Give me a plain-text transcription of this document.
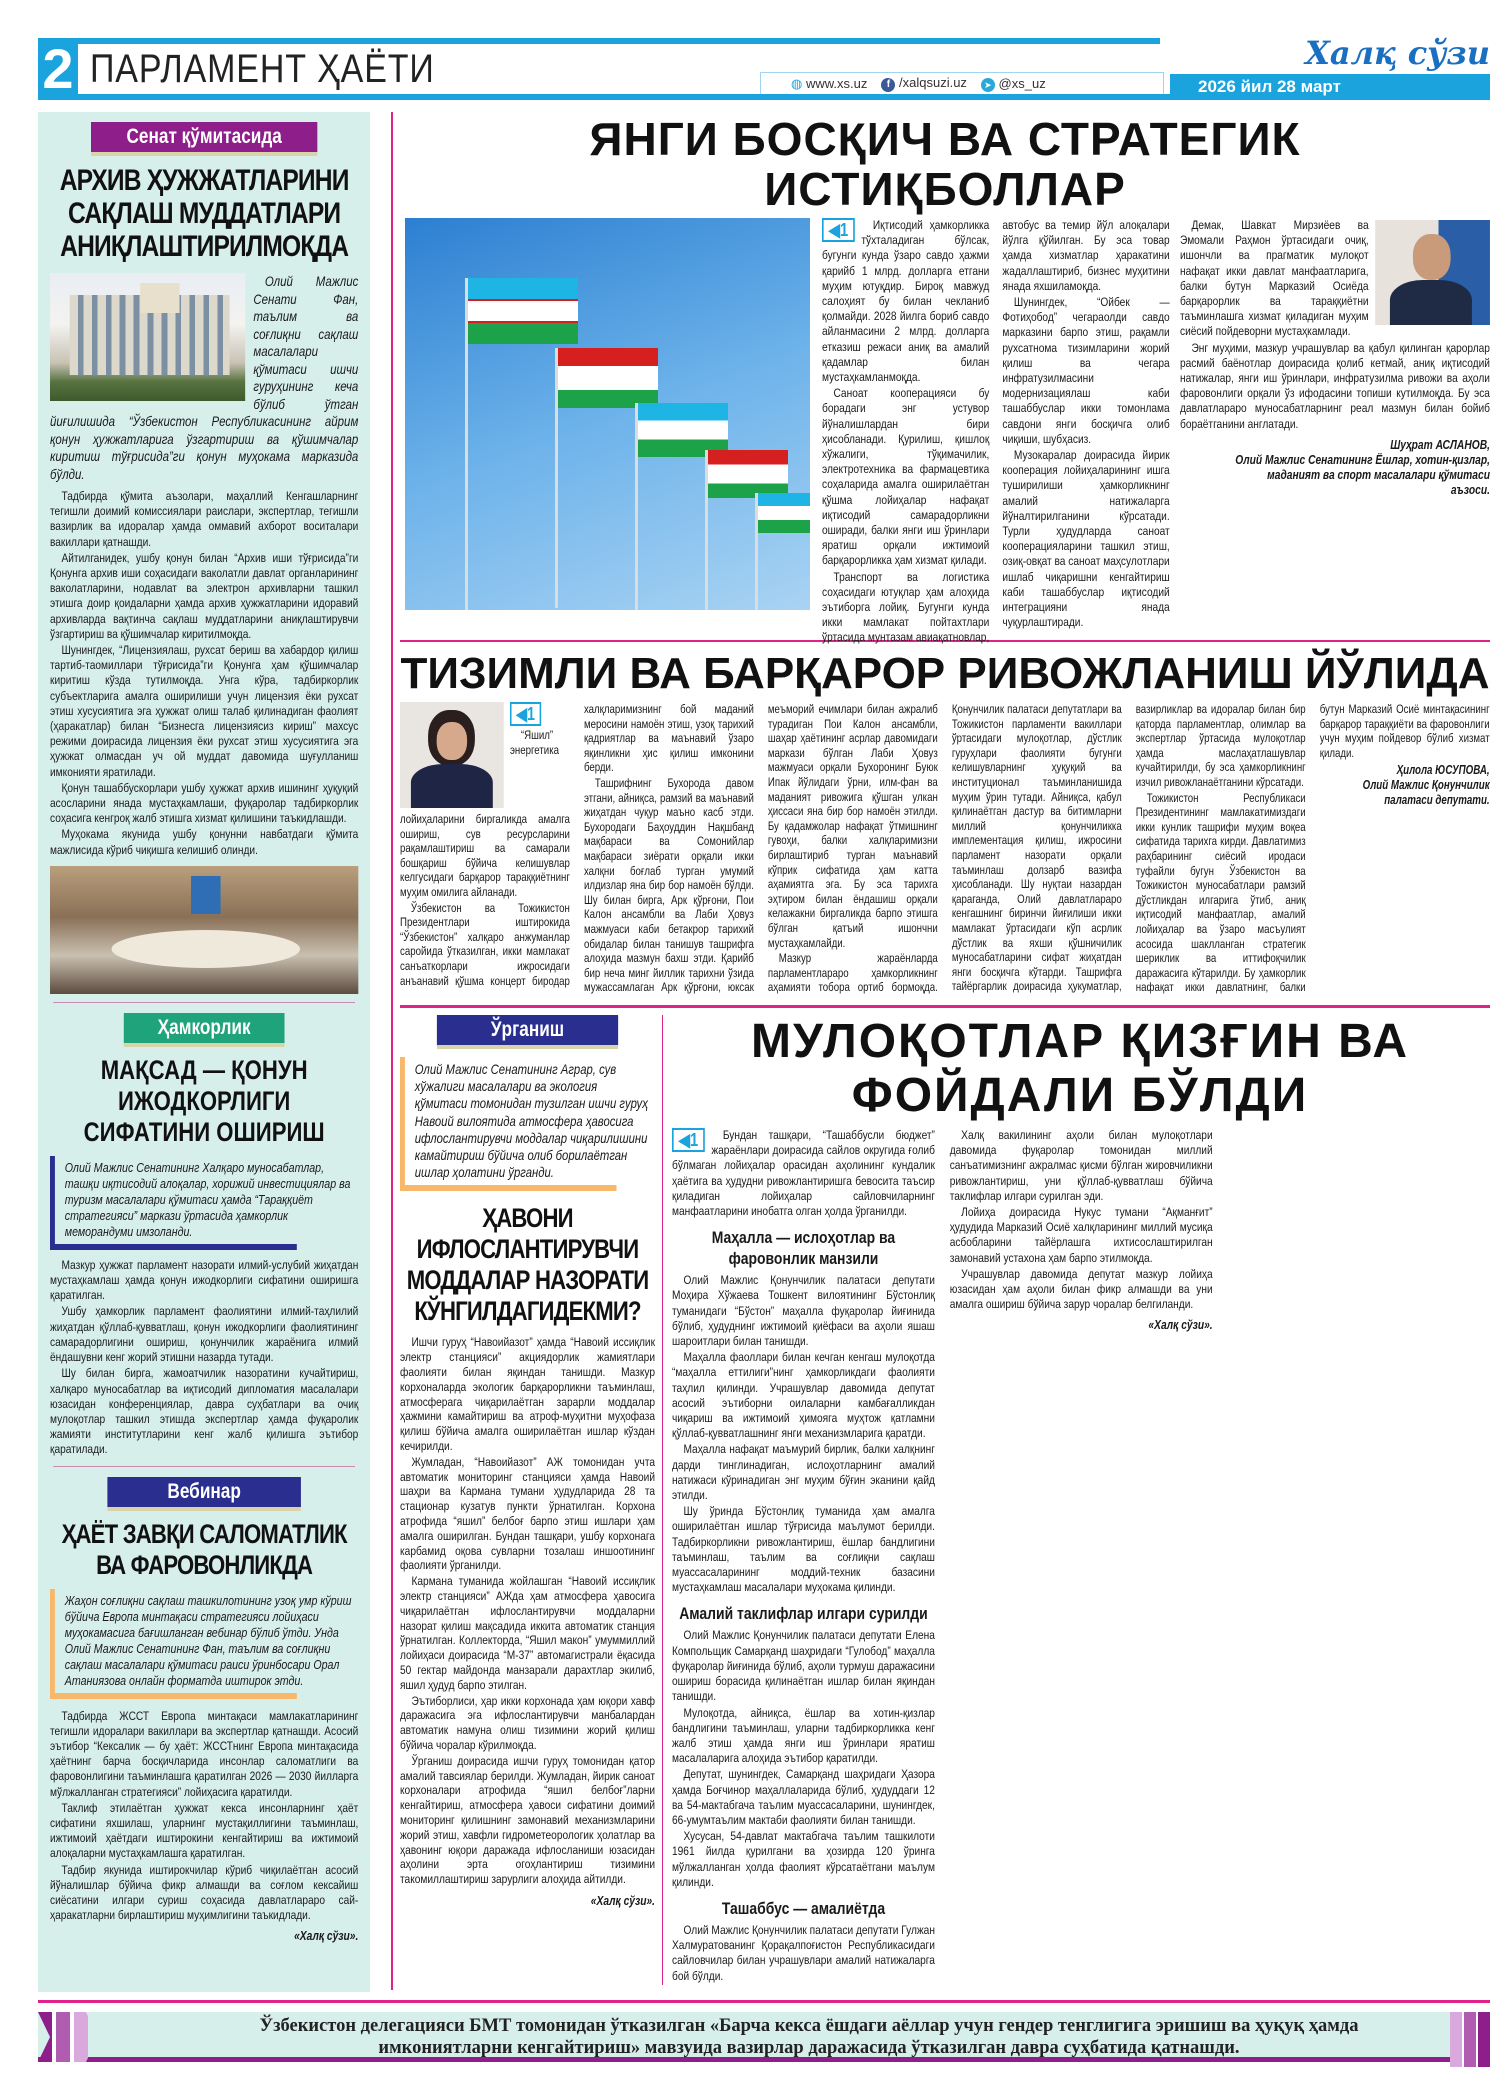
2 ПАРЛАМЕНТ ҲАЁТИ	◍ www.xs.uz	f /xalqsuzi.uz	➤ @xs_uz
Халқ сўзи
2026 йил 28 март
Сенат қўмитасида
АРХИВ ҲУЖЖАТЛАРИНИ САҚЛАШ МУДДАТЛАРИ АНИҚЛАШТИРИЛМОҚДА

Олий Мажлис Сенати Фан, таълим ва соғлиқни сақлаш масалалари қўмитаси ишчи гуруҳининг кеча бўлиб ўтган йиғилишида “Ўзбекистон Республикасининг айрим қонун ҳужжатларига ўзгартириш ва қўшимчалар киритиш тўғрисида”ги қонун муҳокама марказида бўлди.

Тадбирда қўмита аъзолари, маҳаллий Кенгашларнинг тегишли доимий комиссиялари раислари, экспертлар, тегишли вазирлик ва идоралар ҳамда оммавий ахборот воситалари вакиллари қатнашди.

Айтилганидек, ушбу қонун билан “Архив иши тўғрисида”ги Қонунга архив иши соҳасидаги ваколатли давлат органларининг ваколатларини, нодавлат ва электрон архивларни ташкил этишга доир қоидаларни ҳамда архив ҳужжатларини идоравий архивларда вақтинча сақлаш муддатларини аниқлаштирувчи ўзгартириш ва қўшимчалар киритилмоқда.

Шунингдек, “Лицензиялаш, рухсат бериш ва хабардор қилиш тартиб-таомиллари тўғрисида”ги Қонунга ҳам қўшимчалар киритиш кўзда тутилмоқда. Унга кўра, тадбиркорлик субъектларига амалга оширилиши учун лицензия ёки рухсат этиш хусусиятига эга ҳужжат олиш талаб қилинадиган фаолият (ҳаракатлар) билан “Бизнесга лицензиясиз кириш” махсус режими доирасида лицензия ёки рухсат этиш хусусиятига эга ҳужжат олмасдан уч ой муддат давомида шуғулланиш имконияти яратилади.

Қонун ташаббускорлари ушбу ҳужжат архив ишининг ҳуқуқий асосларини янада мустаҳкамлаши, фуқаролар тадбиркорлик соҳасига кенгроқ жалб этишга хизмат қилишини таъкидлашди.

Муҳокама якунида ушбу қонунни навбатдаги қўмита мажлисида кўриб чиқишга келишиб олинди.

Ҳамкорлик
МАҚСАД — ҚОНУН ИЖОДКОРЛИГИ СИФАТИНИ ОШИРИШ
Олий Мажлис Сенатининг Халқаро муносабатлар, ташқи иқтисодий алоқалар, хорижий инвестициялар ва туризм масалалари қўмитаси ҳамда “Тараққиёт стратегияси” маркази ўртасида ҳамкорлик меморандуми имзоланди.

Мазкур ҳужжат парламент назорати илмий-услубий жиҳатдан мустаҳкамлаш ҳамда қонун ижодкорлиги сифатини оширишга қаратилган.

Ушбу ҳамкорлик парламент фаолиятини илмий-таҳлилий жиҳатдан қўллаб-қувватлаш, қонун ижодкорлиги фаолиятининг самарадорлигини ошириш, қонунчилик жараёнига илмий ёндашувни кенг жорий этишни назарда тутади.

Шу билан бирга, жамоатчилик назоратини кучайтириш, халқаро муносабатлар ва иқтисодий дипломатия масалалари юзасидан конференциялар, давра суҳбатлари ва очиқ мулоқотлар ташкил этишда экспертлар ҳамда фуқаролик жамияти институтларини кенг жалб қилишга эътибор қаратилади.

Вебинар
ҲАЁТ ЗАВҚИ САЛОМАТЛИК ВА ФАРОВОНЛИКДА
Жаҳон соғлиқни сақлаш ташкилотининг узоқ умр кўриш бўйича Европа минтақаси стратегияси лойиҳаси муҳокамасига бағишланган вебинар бўлиб ўтди. Унда Олий Мажлис Сенатининг Фан, таълим ва соғлиқни сақлаш масалалари қўмитаси раиси ўринбосари Орал Атаниязова онлайн форматда иштирок этди.

Тадбирда ЖССТ Европа минтақаси мамлакатларининг тегишли идоралари вакиллари ва экспертлар қатнашди. Асосий эътибор “Кексалик — бу ҳаёт: ЖССТнинг Европа минтақасида ҳаётнинг барча босқичларида инсонлар саломатлиги ва фаровонлигини таъминлашга қаратилган 2026 — 2030 йилларга мўлжалланган стратегияси” лойиҳасига қаратилди.

Таклиф этилаётган ҳужжат кекса инсонларнинг ҳаёт сифатини яхшилаш, уларнинг мустақиллигини таъминлаш, ижтимоий ҳаётдаги иштирокини кенгайтириш ва ижтимоий алоқаларни мустаҳкамлашга қаратилган.

Тадбир якунида иштирокчилар кўриб чиқилаётган асосий йўналишлар бўйича фикр алмашди ва соғлом кексайиш сиёсатини илгари суриш соҳасида давлатлараро сай-ҳаракатларни бирлаштириш муҳимлигини таъкидлади.

«Халқ сўзи».
ЯНГИ БОСҚИЧ ВА СТРАТЕГИК ИСТИҚБОЛЛАР
◀1	Иқтисодий ҳамкорликка тўхталадиган бўлсак, бугунги кунда ўзаро савдо ҳажми қарийб 1 млрд. долларга етгани муҳим ютуқдир. Бироқ мавжуд салоҳият бу билан чекланиб қолмайди. 2028 йилга бориб савдо айланмасини 2 млрд. долларга етказиш режаси аниқ ва амалий қадамлар билан мустаҳкамланмоқда.

Саноат кооперацияси бу борадаги энг устувор йўналишлардан бири ҳисобланади. Қурилиш, қишлоқ хўжалиги, тўқимачилик, электротехника ва фармацевтика соҳаларида амалга оширилаётган қўшма лойиҳалар нафақат иқтисодий самарадорликни оширади, балки янги иш ўринлари яратиш орқали ижтимоий барқарорликка ҳам хизмат қилади.

Транспорт ва логистика соҳасидаги ютуқлар ҳам алоҳида эътиборга лойиқ. Бугунги кунда икки мамлакат пойтахтлари ўртасида мунтазам авиақатновлар, автобус ва темир йўл алоқалари йўлга қўйилган. Бу эса товар ҳамда хизматлар ҳаракатини жадаллаштириб, бизнес муҳитини янада яхшиламоқда.

Шунингдек, “Ойбек — Фотиҳобод” чегараолди савдо марказини барпо этиш, рақамли рухсатнома тизимларини жорий қилиш ва чегара инфратузилмасини модернизациялаш каби ташаббуслар икки томонлама савдони янги босқичга олиб чиқиши, шубҳасиз.

Музокаралар доирасида йирик кооперация лойиҳаларининг ишга туширилиши ҳамкорликнинг амалий натижаларга йўналтирилганини кўрсатади. Турли ҳудудларда саноат кооперацияларини ташкил этиш, озиқ-овқат ва саноат маҳсулотлари ишлаб чиқаришни кенгайтириш каби ташаббуслар иқтисодий интеграцияни янада чуқурлаштиради.

Демак, Шавкат Мирзиёев ва Эмомали Раҳмон ўртасидаги очиқ, ишончли ва прагматик мулоқот нафақат икки давлат манфаатларига, балки бутун Марказий Осиёда барқарорлик ва тараққиётни таъминлашга хизмат қиладиган муҳим сиёсий пойдеворни мустаҳкамлади.

Энг муҳими, мазкур учрашувлар ва қабул қилинган қарорлар расмий баёнотлар доирасида қолиб кетмай, аниқ иқтисодий натижалар, янги иш ўринлари, инфратузилма ривожи ва аҳоли фаровонлиги орқали ўз ифодасини топиши кутилмоқда. Бу эса давлатлараро муносабатларнинг реал мазмун билан бойиб бораётганини англатади.

Шуҳрат АСЛАНОВ,
Олий Мажлис Сенатининг Ёшлар, хотин-қизлар, маданият ва спорт масалалари қўмитаси аъзоси.
ТИЗИМЛИ ВА БАРҚАРОР РИВОЖЛАНИШ ЙЎЛИДА
◀1

“Яшил” энергетика лойиҳаларини биргаликда амалга ошириш, сув ресурсларини рақамлаштириш ва самарали бошқариш бўйича келишувлар келгусидаги барқарор тараққиётнинг муҳим омилига айланади.

Ўзбекистон ва Тожикистон Президентлари иштирокида “Ўзбекистон” халқаро анжуманлар саройида ўтказилган, икки мамлакат санъаткорлари ижросидаги анъанавий қўшма концерт биродар халқларимизнинг бой маданий меросини намоён этиш, узоқ тарихий қадриятлар ва маънавий ўзаро яқинликни ҳис қилиш имконини берди.

Ташрифнинг Бухорода давом этгани, айниқса, рамзий ва маънавий жиҳатдан чуқур маъно касб этди. Бухородаги Баҳоуддин Нақшбанд мақбараси ва Сомонийлар мақбараси зиёрати орқали икки халқни боғлаб турган умумий илдизлар яна бир бор намоён бўлди. Шу билан бирга, Арк қўрғони, Пои Калон ансамбли ва Лаби Ҳовуз мажмуаси каби бетакрор тарихий обидалар билан танишув ташрифга алоҳида мазмун бахш этди. Қарийб бир неча минг йиллик тарихни ўзида мужассамлаган Арк қўрғони, юксак меъморий ечимлари билан ажралиб турадиган Пои Калон ансамбли, шаҳар ҳаётининг асрлар давомидаги маркази бўлган Лаби Ҳовуз мажмуаси орқали Бухоронинг Буюк Ипак йўлидаги ўрни, илм-фан ва маданият ривожига қўшган улкан ҳиссаси яна бир бор намоён этилди. Бу қадамжолар нафақат ўтмишнинг гувоҳи, балки халқларимизни бирлаштириб турган маънавий кўприк сифатида ҳам катта аҳамиятга эга. Бу эса тарихга эҳтиром билан ёндашиш орқали келажакни биргаликда барпо этишга бўлган қатъий ишончни мустаҳкамлайди.

Мазкур жараёнларда парламентлараро ҳамкорликнинг аҳамияти тобора ортиб бормоқда. Қонунчилик палатаси депутатлари ва Тожикистон парламенти вакиллари ўртасидаги мулоқотлар, дўстлик гуруҳлари фаолияти бугунги келишувларнинг ҳуқуқий ва институционал таъминланишида муҳим ўрин тутади. Айниқса, қабул қилинаётган дастур ва битимларни миллий қонунчиликка имплементация қилиш, ижросини парламент назорати орқали таъминлаш долзарб вазифа ҳисобланади. Шу нуқтаи назардан қараганда, Олий давлатлараро кенгашнинг биринчи йиғилиши икки мамлакат ўртасидаги кўп асрлик дўстлик ва яхши қўшничилик муносабатларини сифат жиҳатдан янги босқичга кўтарди. Ташрифга тайёргарлик доирасида ҳукуматлар, вазирликлар ва идоралар билан бир қаторда парламентлар, олимлар ва экспертлар ўртасида мулоқотлар ҳамда маслаҳатлашувлар кучайтирилди, бу эса ҳамкорликнинг изчил ривожланаётганини кўрсатади.

Тожикистон Республикаси Президентининг мамлакатимиздаги икки кунлик ташрифи муҳим воқеа сифатида тарихга кирди. Давлатимиз раҳбарининг сиёсий иродаси туфайли бугун Ўзбекистон ва Тожикистон муносабатлари рамзий дўстликдан илгарига ўтиб, аниқ иқтисодий манфаатлар, амалий лойиҳалар ва ўзаро масъулият асосида шаклланган стратегик шериклик ва иттифоқчилик даражасига кўтарилди. Бу ҳамкорлик нафақат икки давлатнинг, балки бутун Марказий Осиё минтақасининг барқарор тараққиёти ва фаровонлиги учун муҳим пойдевор бўлиб хизмат қилади.

Ҳилола ЮСУПОВА,
Олий Мажлис Қонунчилик палатаси депутати.
Ўрганиш
Олий Мажлис Сенатининг Аграр, сув хўжалиги масалалари ва экология қўмитаси томонидан тузилган ишчи гуруҳ Навоий вилоятида атмосфера ҳавосига ифлослантирувчи моддалар чиқарилишини камайтириш бўйича олиб борилаётган ишлар ҳолатини ўрганди.
ҲАВОНИ ИФЛОСЛАНТИРУВЧИ МОДДАЛАР НАЗОРАТИ КЎНГИЛДАГИДЕКМИ?

Ишчи гуруҳ “Навоийазот” ҳамда “Навоий иссиқлик электр станцияси” акциядорлик жамиятлари фаолияти билан яқиндан танишди. Мазкур корхоналарда экологик барқарорликни таъминлаш, атмосферага чиқарилаётган зарарли моддалар ҳажмини камайтириш ва атроф-муҳитни муҳофаза қилиш бўйича амалга оширилаётган ишлар кўздан кечирилди.

Жумладан, “Навоийазот” АЖ томонидан учта автоматик мониторинг станцияси ҳамда Навоий шаҳри ва Кармана тумани ҳудудларида 28 та стационар кузатув пункти ўрнатилган. Корхона атрофида “яшил” белбоғ барпо этиш ишлари ҳам амалга оширилган. Бундан ташқари, ушбу корхонага карбамид оқова сувларни тозалаш иншоотининг фаолияти ўрганилди.

Кармана туманида жойлашган “Навоий иссиқлик электр станцияси” АЖда ҳам атмосфера ҳавосига чиқарилаётган ифлослантирувчи моддаларни назорат қилиш мақсадида иккита автоматик станция ўрнатилган. Коллекторда, “Яшил макон” умуммиллий лойиҳаси доирасида “М-37” автомагистрали ёқасида 50 гектар майдонда манзарали дарахтлар экилиб, яшил ҳудуд барпо этилган.

Эътиборлиси, ҳар икки корхонада ҳам юқори хавф даражасига эга ифлослантирувчи манбалардан автоматик намуна олиш тизимини жорий қилиш бўйича чоралар кўрилмоқда.

Ўрганиш доирасида ишчи гуруҳ томонидан қатор амалий тавсиялар берилди. Жумладан, йирик саноат корхоналари атрофида “яшил белбоғ”ларни кенгайтириш, атмосфера ҳавоси сифатини доимий мониторинг қилишнинг замонавий механизмларини жорий этиш, хавфли гидрометеорологик ҳолатлар ва ҳавонинг юқори даражада ифлосланиши юзасидан аҳолини эрта огоҳлантириш тизимини такомиллаштириш зарурлиги алоҳида айтилди.

«Халқ сўзи».
МУЛОҚОТЛАР ҚИЗҒИН ВА ФОЙДАЛИ БЎЛДИ
◀1	Бундан ташқари, “Ташаббусли бюджет” жараёнлари доирасида сайлов округида ғолиб бўлмаган лойиҳалар орасидан аҳолининг кундалик ҳаётига ва ҳудудни ривожлантиришга бевосита таъсир қиладиган лойиҳалар сайловчиларнинг манфаатларини инобатга олган ҳолда ўрганилди.

Маҳалла — ислоҳотлар ва фаровонлик манзили

Олий Мажлис Қонунчилик палатаси депутати Моҳира Хўжаева Тошкент вилоятининг Бўстонлиқ туманидаги “Бўстон” маҳалла фуқаролар йиғинида бўлиб, ҳудуднинг ижтимоий қиёфаси ва аҳоли яшаш шароитлари билан танишди.

Маҳалла фаоллари билан кечган кенгаш мулоқотда “маҳалла еттилиги”нинг ҳамкорликдаги фаолияти таҳлил қилинди. Учрашувлар давомида депутат асосий эътиборни оилаларни камбағалликдан чиқариш ва ижтимоий ҳимояга муҳтож қатламни қўллаб-қувватлашнинг янги механизмларига қаратди.

Маҳалла нафақат маъмурий бирлик, балки халқнинг дарди тинглинадиган, ислоҳотларнинг амалий натижаси кўринадиган энг муҳим бўғин эканини қайд этилди.

Шу ўринда Бўстонлиқ туманида ҳам амалга оширилаётган ишлар тўғрисида маълумот берилди. Тадбиркорликни ривожлантириш, ёшлар бандлигини таъминлаш, таълим ва соғлиқни сақлаш муассасаларининг моддий-техник базасини мустаҳкамлаш масалалари муҳокама қилинди.

Амалий таклифлар илгари сурилди

Олий Мажлис Қонунчилик палатаси депутати Елена Компольщик Самарқанд шаҳридаги “Гулобод” маҳалла фуқаролар йиғинида бўлиб, аҳоли турмуш даражасини ошириш борасида қилинаётган ишлар билан яқиндан танишди.

Мулоқотда, айниқса, ёшлар ва хотин-қизлар бандлигини таъминлаш, уларни тадбиркорликка кенг жалб этиш ҳамда янги иш ўринлари яратиш масалаларига алоҳида эътибор қаратилди.

Депутат, шунингдек, Самарқанд шаҳридаги Ҳазора ҳамда Боғчинор маҳаллаларида бўлиб, ҳудуддаги 12 ва 54-мактабгача таълим муассасаларини, шунингдек, 66-умумтаълим мактаби фаолияти билан танишди.

Хусусан, 54-давлат мактабгача таълим ташкилоти 1961 йилда қурилгани ва ҳозирда 120 ўринга мўлжалланган ҳолда фаолият кўрсатаётгани маълум қилинди.

Ташаббус — амалиётда

Олий Мажлис Қонунчилик палатаси депутати Гулжан Халмуратованинг Қорақалпоғистон Республикасидаги сайловчилар билан учрашувлари амалий натижаларга бой бўлди.

Халқ вакилининг аҳоли билан мулоқотлари давомида фуқаролар томонидан миллий санъатимизнинг ажралмас қисми бўлган жировчиликни ривожлантириш, уни қўллаб-қувватлаш бўйича таклифлар илгари сурилган эди.

Лойиҳа доирасида Нукус тумани “Ақманғит” ҳудудида Марказий Осиё халқларининг миллий мусиқа асбобларини тайёрлашга ихтисослаштирилган замонавий устахона ҳам барпо этилмоқда.

Учрашувлар давомида депутат мазкур лойиҳа юзасидан ҳам аҳоли билан фикр алмашди ва уни амалга ошириш бўйича зарур чоралар белгиланди.

«Халқ сўзи».
Ўзбекистон делегацияси БМТ томонидан ўтказилган «Барча кекса ёшдаги аёллар учун гендер тенглигига эришиш ва ҳуқуқ ҳамда имкониятларни кенгайтириш» мавзуида вазирлар даражасида ўтказилган давра суҳбатида қатнашди.
